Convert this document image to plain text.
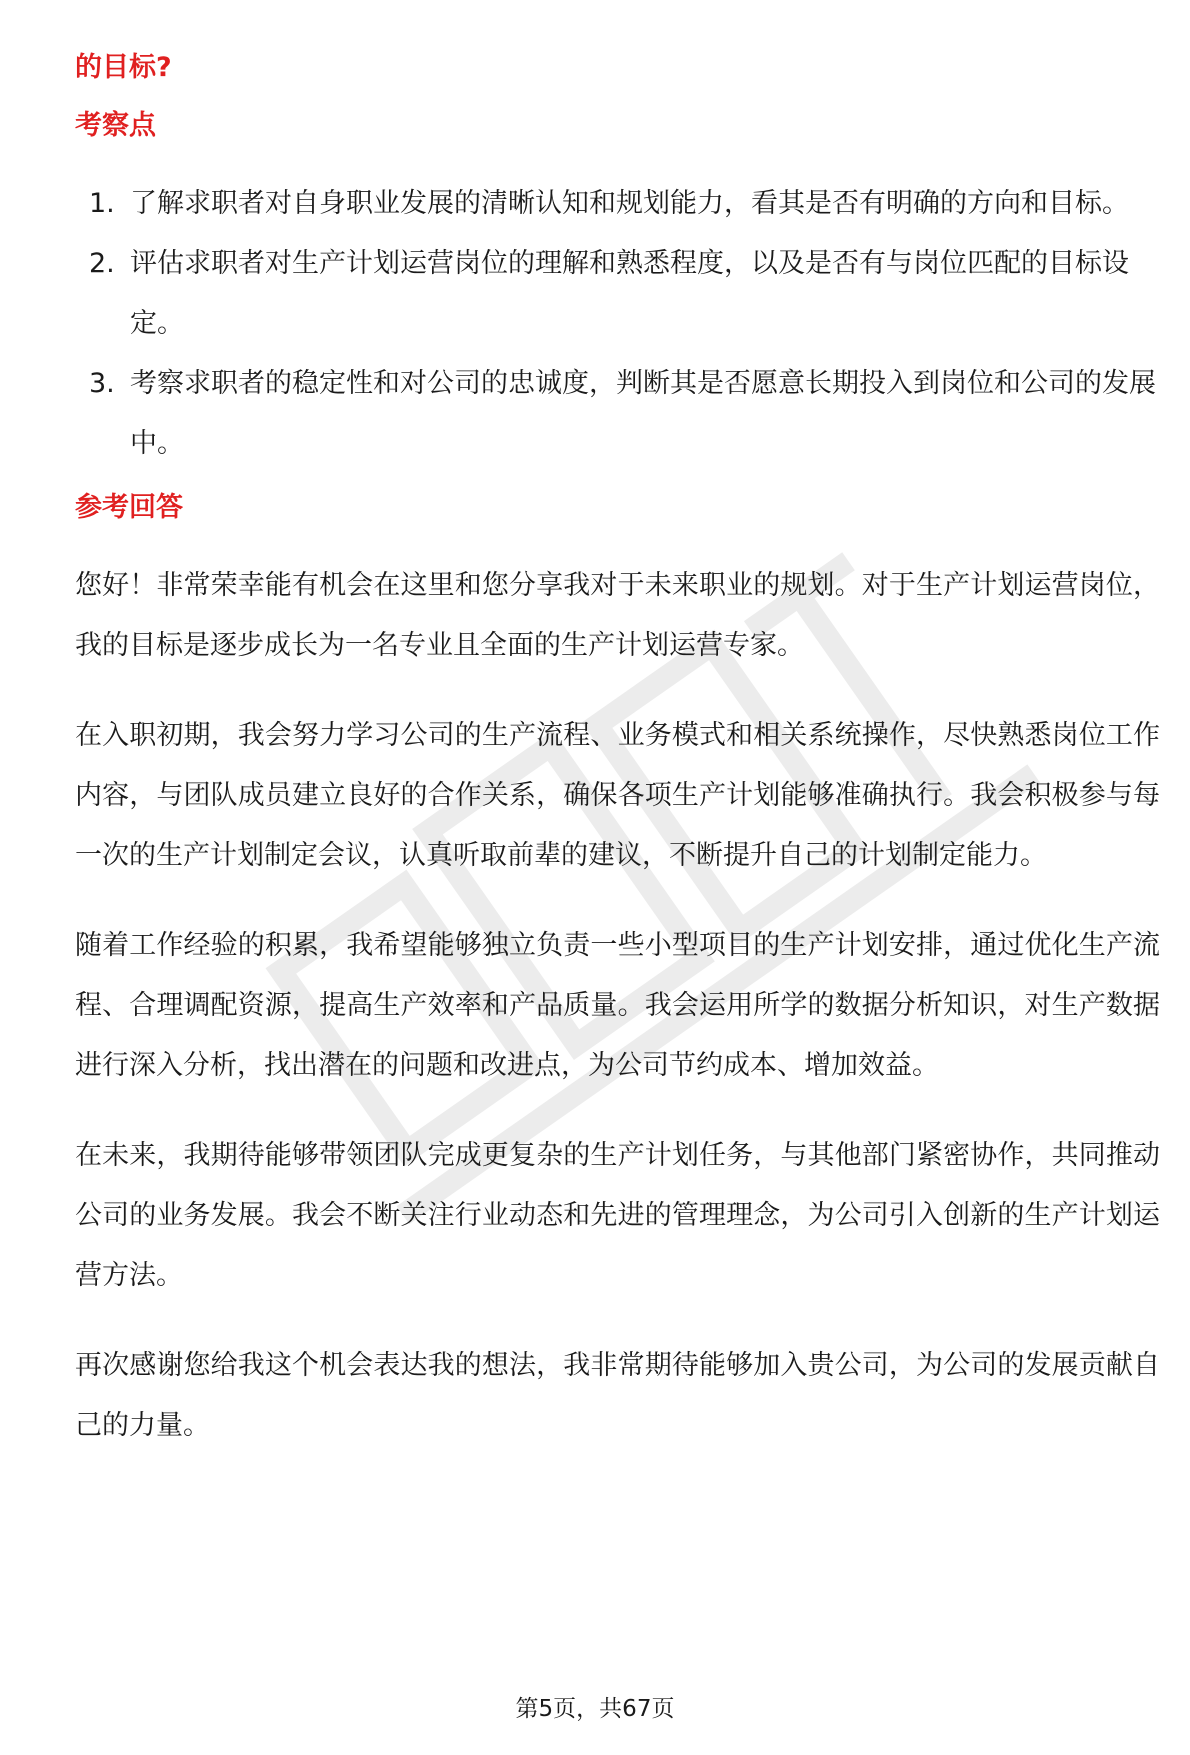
的目标?
考察点
1. 了解求职者对自身职业发展的清晰认知和规划能力，看其是否有明确的方向和目标。
2. 评估求职者对生产计划运营岗位的理解和熟悉程度，以及是否有与岗位匹配的目标设定。
3. 考察求职者的稳定性和对公司的忠诚度，判断其是否愿意长期投入到岗位和公司的发展中。
参考回答

您好！非常荣幸能有机会在这里和您分享我对于未来职业的规划。对于生产计划运营岗位，我的目标是逐步成长为一名专业且全面的生产计划运营专家。

在入职初期，我会努力学习公司的生产流程、业务模式和相关系统操作，尽快熟悉岗位工作内容，与团队成员建立良好的合作关系，确保各项生产计划能够准确执行。我会积极参与每一次的生产计划制定会议，认真听取前辈的建议，不断提升自己的计划制定能力。

随着工作经验的积累，我希望能够独立负责一些小型项目的生产计划安排，通过优化生产流程、合理调配资源，提高生产效率和产品质量。我会运用所学的数据分析知识，对生产数据进行深入分析，找出潜在的问题和改进点，为公司节约成本、增加效益。

在未来，我期待能够带领团队完成更复杂的生产计划任务，与其他部门紧密协作，共同推动公司的业务发展。我会不断关注行业动态和先进的管理理念，为公司引入创新的生产计划运营方法。

再次感谢您给我这个机会表达我的想法，我非常期待能够加入贵公司，为公司的发展贡献自己的力量。

第5页，共67页
